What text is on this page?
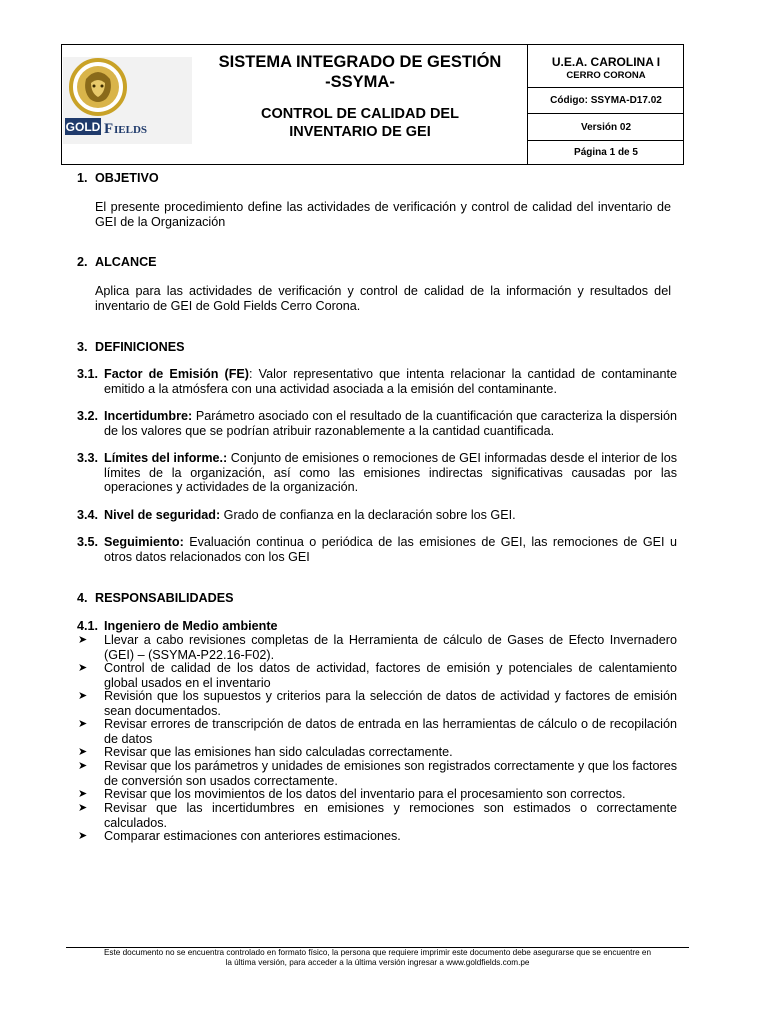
GOLD F IELDS
SISTEMA INTEGRADO DE GESTIÓN
-SSYMA-
CONTROL DE CALIDAD DEL
INVENTARIO DE GEI
U.E.A. CAROLINA I
CERRO CORONA
Código: SSYMA-D17.02
Versión 02
Página 1 de 5
1. OBJETIVO
El presente procedimiento define las actividades de verificación y control de calidad del inventario de GEI de la Organización
2. ALCANCE
Aplica para las actividades de verificación y control de calidad de la información y resultados del inventario de GEI de Gold Fields Cerro Corona.
3. DEFINICIONES
3.1. Factor de Emisión (FE): Valor representativo que intenta relacionar la cantidad de contaminante emitido a la atmósfera con una actividad asociada a la emisión del contaminante.
3.2. Incertidumbre: Parámetro asociado con el resultado de la cuantificación que caracteriza la dispersión de los valores que se podrían atribuir razonablemente a la cantidad cuantificada.
3.3. Límites del informe.: Conjunto de emisiones o remociones de GEI informadas desde el interior de los límites de la organización, así como las emisiones indirectas significativas causadas por las operaciones y actividades de la organización.
3.4. Nivel de seguridad: Grado de confianza en la declaración sobre los GEI.
3.5. Seguimiento: Evaluación continua o periódica de las emisiones de GEI, las remociones de GEI u otros datos relacionados con los GEI
4. RESPONSABILIDADES
4.1. Ingeniero de Medio ambiente
➤ Llevar a cabo revisiones completas de la Herramienta de cálculo de Gases de Efecto Invernadero (GEI) – (SSYMA-P22.16-F02).
➤ Control de calidad de los datos de actividad, factores de emisión y potenciales de calentamiento global usados en el inventario
➤ Revisión que los supuestos y criterios para la selección de datos de actividad y factores de emisión sean documentados.
➤ Revisar errores de transcripción de datos de entrada en las herramientas de cálculo o de recopilación de datos
➤ Revisar que las emisiones han sido calculadas correctamente.
➤ Revisar que los parámetros y unidades de emisiones son registrados correctamente y que los factores de conversión son usados correctamente.
➤ Revisar que los movimientos de los datos del inventario para el procesamiento son correctos.
➤ Revisar que las incertidumbres en emisiones y remociones son estimados o correctamente calculados.
➤ Comparar estimaciones con anteriores estimaciones.
Este documento no se encuentra controlado en formato físico, la persona que requiere imprimir este documento debe asegurarse que se encuentre en
la última versión, para acceder a la última versión ingresar a www.goldfields.com.pe
